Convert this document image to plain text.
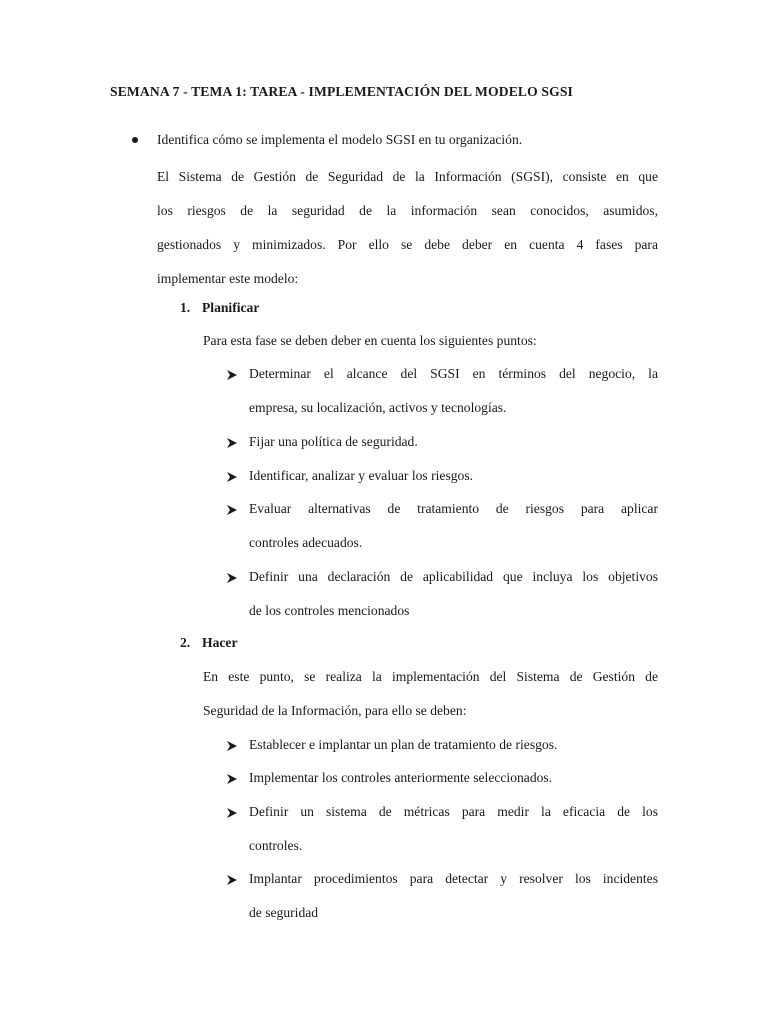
SEMANA 7 - TEMA 1: TAREA - IMPLEMENTACIÓN DEL MODELO SGSI
Identifica cómo se implementa el modelo SGSI en tu organización.
El Sistema de Gestión de Seguridad de la Información (SGSI), consiste en que
los riesgos de la seguridad de la información sean conocidos, asumidos,
gestionados y minimizados. Por ello se debe deber en cuenta 4 fases para
implementar este modelo:
1. Planificar
Para esta fase se deben deber en cuenta los siguientes puntos:
Determinar el alcance del SGSI en términos del negocio, la
empresa, su localización, activos y tecnologías.
Fijar una política de seguridad.
Identificar, analizar y evaluar los riesgos.
Evaluar alternativas de tratamiento de riesgos para aplicar
controles adecuados.
Definir una declaración de aplicabilidad que incluya los objetivos
de los controles mencionados
2. Hacer
En este punto, se realiza la implementación del Sistema de Gestión de
Seguridad de la Información, para ello se deben:
Establecer e implantar un plan de tratamiento de riesgos.
Implementar los controles anteriormente seleccionados.
Definir un sistema de métricas para medir la eficacia de los
controles.
Implantar procedimientos para detectar y resolver los incidentes
de seguridad
